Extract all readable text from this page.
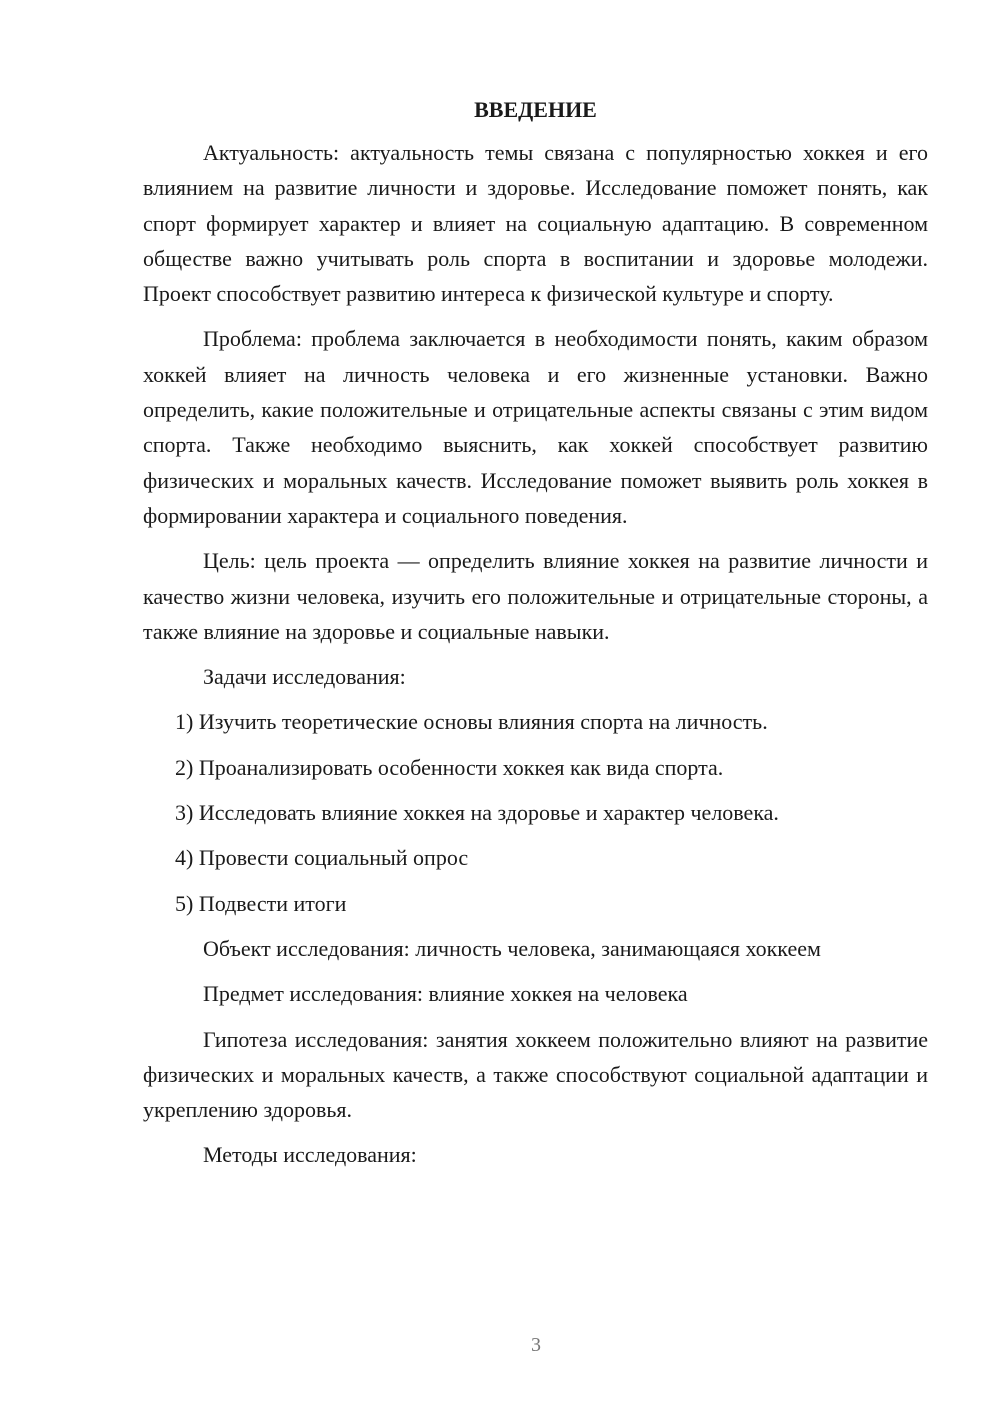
ВВЕДЕНИЕ

Актуальность: актуальность темы связана с популярностью хоккея и его влиянием на развитие личности и здоровье. Исследование поможет понять, как спорт формирует характер и влияет на социальную адаптацию. В современном обществе важно учитывать роль спорта в воспитании и здоровье молодежи. Проект способствует развитию интереса к физической культуре и спорту.

Проблема: проблема заключается в необходимости понять, каким образом хоккей влияет на личность человека и его жизненные установки. Важно определить, какие положительные и отрицательные аспекты связаны с этим видом спорта. Также необходимо выяснить, как хоккей способствует развитию физических и моральных качеств. Исследование поможет выявить роль хоккея в формировании характера и социального поведения.

Цель: цель проекта — определить влияние хоккея на развитие личности и качество жизни человека, изучить его положительные и отрицательные стороны, а также влияние на здоровье и социальные навыки.

Задачи исследования:

1) Изучить теоретические основы влияния спорта на личность.
2) Проанализировать особенности хоккея как вида спорта.
3) Исследовать влияние хоккея на здоровье и характер человека.
4) Провести социальный опрос
5) Подвести итоги

Объект исследования: личность человека, занимающаяся хоккеем

Предмет исследования: влияние хоккея на человека

Гипотеза исследования: занятия хоккеем положительно влияют на развитие физических и моральных качеств, а также способствуют социальной адаптации и укреплению здоровья.

Методы исследования:

3
